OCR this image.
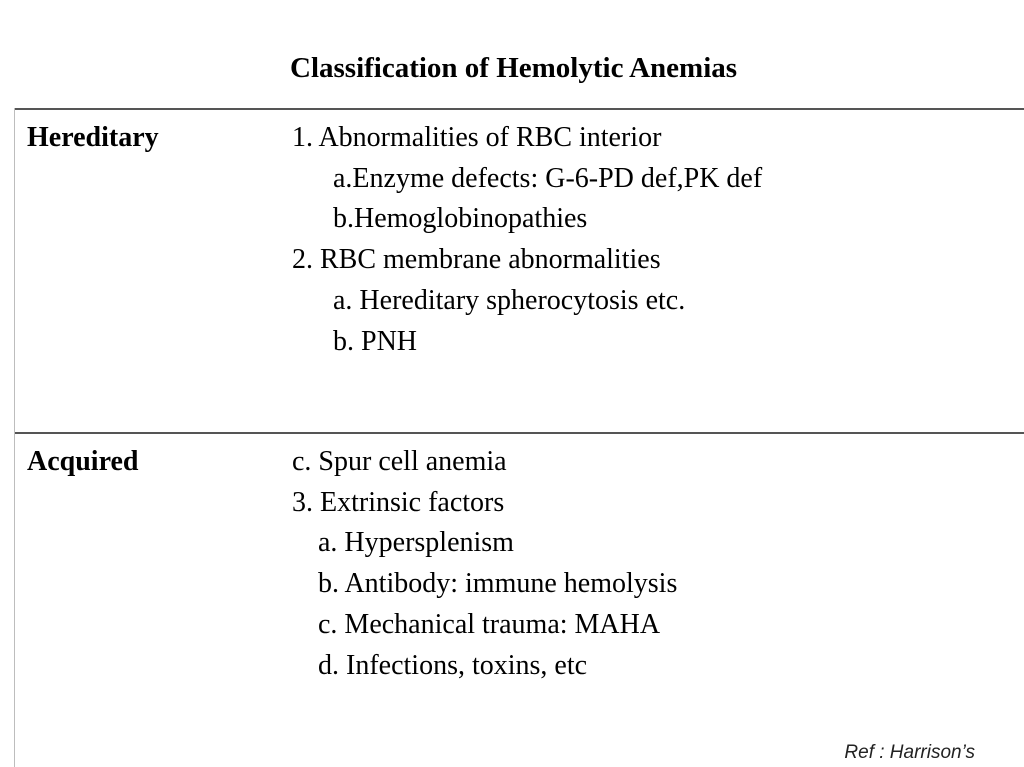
Classification of Hemolytic Anemias
Hereditary	1. Abnormalities of RBC interior
a.Enzyme defects: G-6-PD def,PK def
b.Hemoglobinopathies
2. RBC membrane abnormalities
a. Hereditary spherocytosis etc.
b. PNH
Acquired	c. Spur cell anemia
3. Extrinsic factors
a. Hypersplenism
b. Antibody: immune hemolysis
c. Mechanical trauma: MAHA
d. Infections, toxins, etc
Ref : Harrison’s
